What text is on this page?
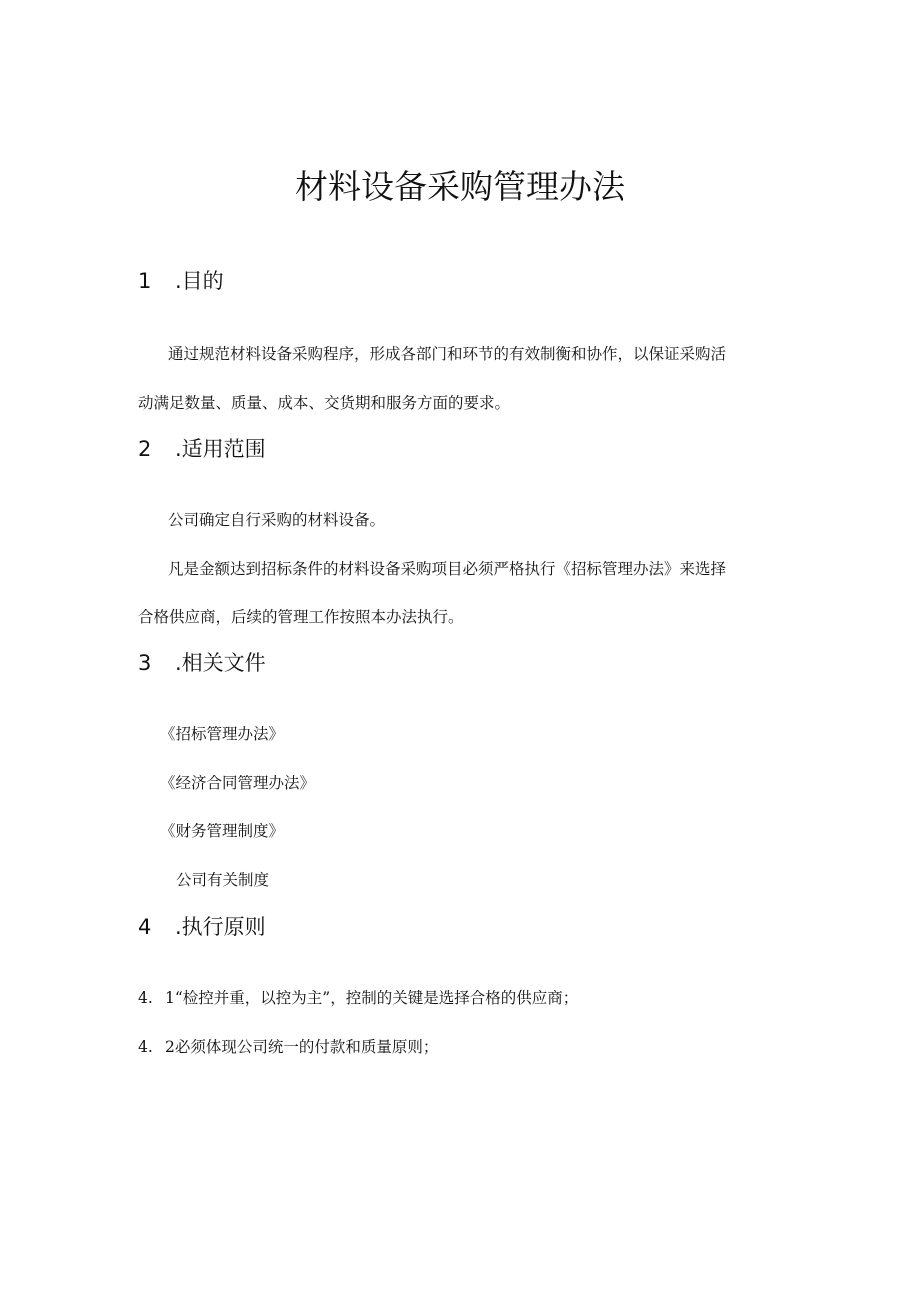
材料设备采购管理办法
1 .目的
通过规范材料设备采购程序，形成各部门和环节的有效制衡和协作，以保证采购活
动满足数量、质量、成本、交货期和服务方面的要求。
2 .适用范围
公司确定自行采购的材料设备。
凡是金额达到招标条件的材料设备采购项目必须严格执行《招标管理办法》来选择
合格供应商，后续的管理工作按照本办法执行。
3 .相关文件
《招标管理办法》
《经济合同管理办法》
《财务管理制度》
公司有关制度
4 .执行原则
4. 1“检控并重，以控为主”，控制的关键是选择合格的供应商；
4. 2必须体现公司统一的付款和质量原则；
